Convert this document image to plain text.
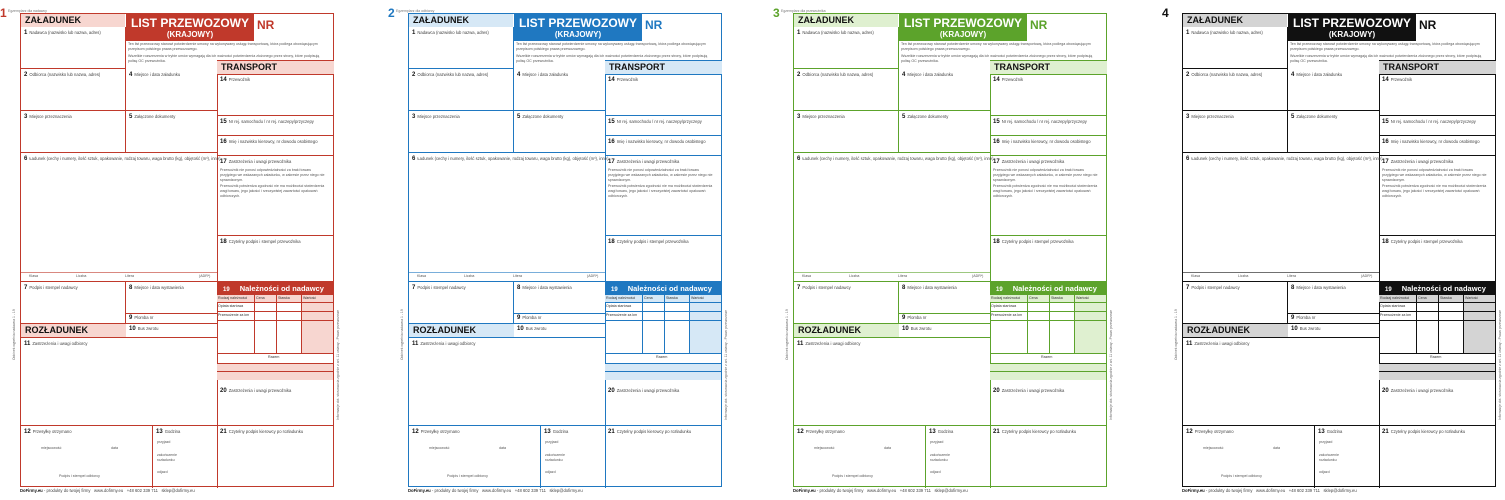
1 Egzemplarz dla nadawcy
ZAŁADUNEK	LIST PRZEWOZOWY
(KRAJOWY)
NR
Ten list przewozowy stanowi potwierdzenie umowy na wykonywany usługę transportową, która podlega obowiązującym przepisom polskiego prawa przewozowego.
Wszelkie rozszerzenia w trybie umów wymagają dla ich ważności potwierdzenia złożonego przez strony, które podpisują polisę OC przewoźnika.
1 Nadawca (nazwisko lub nazwa, adres)
2 Odbiorca (nazwisko lub nazwa, adres)	4 Miejsce i data załadunku
3 Miejsce przeznaczenia	5 Załączone dokumenty
6 Ładunek (cechy i numery, ilość sztuk, opakowanie, rodzaj towaru, waga brutto (kg), objętość (m³), inne)
Klasa	Liczba	Litera	(ADR*)
7 Podpis i stempel nadawcy	8 Miejsce i data wystawienia
9 Plomba nr
ROZŁADUNEK	10 Bus zwrotu
11 Zastrzeżenia i uwagi odbiorcy
12 Przesyłkę otrzymano
miejscowość	data
Podpis i stempel odbiorcy
13 Godzina
przyjazd
zakończenie rozładunku
odjazd
TRANSPORT
14 Przewoźnik
15 Nr rej. samochodu / nr rej. naczepy/przyczepy
16 Imię i nazwisko kierowcy, nr dowodu osobistego
17 Zastrzeżenia i uwagi przewoźnika
Przewoźnik nie ponosi odpowiedzialności za braki towaru przyjętego we wskazanych załadunku, w zakresie przez niego nie sprawdzonym.
Przewoźnik potwierdza zgodność nie ma możliwości stwierdzenia wagi towaru, jego jakości i rzeczywistej zawartości opakowań odbiorczych.
18 Czytelny podpis i stempel przewoźnika
19 Należności od nadawcy
Rodzaj należności	Cena	Stawka	Wartość
Opłata startowa
Przewożenie za km
Razem
20 Zastrzeżenia i uwagi przewoźnika
21 Czytelny podpis kierowcy po rozładunku
Odcinek wypełnia nadawca 1 - 19	Informacje dot. stosowania zgodnie z art. 11 ustawy - Prawo przewozowe
DoFirmy.eu - produkty do twojej firmy www.dofirmy.eu +48 602 339 711 sklep@dofirmy.eu
2 Egzemplarz dla odbiorcy
ZAŁADUNEK	LIST PRZEWOZOWY
(KRAJOWY)
NR
Ten list przewozowy stanowi potwierdzenie umowy na wykonywany usługę transportową, która podlega obowiązującym przepisom polskiego prawa przewozowego.
Wszelkie rozszerzenia w trybie umów wymagają dla ich ważności potwierdzenia złożonego przez strony, które podpisują polisę OC przewoźnika.
1 Nadawca (nazwisko lub nazwa, adres)
2 Odbiorca (nazwisko lub nazwa, adres)	4 Miejsce i data załadunku
3 Miejsce przeznaczenia	5 Załączone dokumenty
6 Ładunek (cechy i numery, ilość sztuk, opakowanie, rodzaj towaru, waga brutto (kg), objętość (m³), inne)
Klasa	Liczba	Litera	(ADR*)
7 Podpis i stempel nadawcy	8 Miejsce i data wystawienia
9 Plomba nr
ROZŁADUNEK	10 Bus zwrotu
11 Zastrzeżenia i uwagi odbiorcy
12 Przesyłkę otrzymano
miejscowość	data
Podpis i stempel odbiorcy
13 Godzina
przyjazd
zakończenie rozładunku
odjazd
TRANSPORT
14 Przewoźnik
15 Nr rej. samochodu / nr rej. naczepy/przyczepy
16 Imię i nazwisko kierowcy, nr dowodu osobistego
17 Zastrzeżenia i uwagi przewoźnika
Przewoźnik nie ponosi odpowiedzialności za braki towaru przyjętego we wskazanych załadunku, w zakresie przez niego nie sprawdzonym.
Przewoźnik potwierdza zgodność nie ma możliwości stwierdzenia wagi towaru, jego jakości i rzeczywistej zawartości opakowań odbiorczych.
18 Czytelny podpis i stempel przewoźnika
19 Należności od nadawcy
Rodzaj należności	Cena	Stawka	Wartość
Opłata startowa
Przewożenie za km
Razem
20 Zastrzeżenia i uwagi przewoźnika
21 Czytelny podpis kierowcy po rozładunku
Odcinek wypełnia nadawca 1 - 19	Informacje dot. stosowania zgodnie z art. 11 ustawy - Prawo przewozowe
DoFirmy.eu - produkty do twojej firmy www.dofirmy.eu +48 602 339 711 sklep@dofirmy.eu
3 Egzemplarz dla przewoźnika
ZAŁADUNEK	LIST PRZEWOZOWY
(KRAJOWY)
NR
Ten list przewozowy stanowi potwierdzenie umowy na wykonywany usługę transportową, która podlega obowiązującym przepisom polskiego prawa przewozowego.
Wszelkie rozszerzenia w trybie umów wymagają dla ich ważności potwierdzenia złożonego przez strony, które podpisują polisę OC przewoźnika.
1 Nadawca (nazwisko lub nazwa, adres)
2 Odbiorca (nazwisko lub nazwa, adres)	4 Miejsce i data załadunku
3 Miejsce przeznaczenia	5 Załączone dokumenty
6 Ładunek (cechy i numery, ilość sztuk, opakowanie, rodzaj towaru, waga brutto (kg), objętość (m³), inne)
Klasa	Liczba	Litera	(ADR*)
7 Podpis i stempel nadawcy	8 Miejsce i data wystawienia
9 Plomba nr
ROZŁADUNEK	10 Bus zwrotu
11 Zastrzeżenia i uwagi odbiorcy
12 Przesyłkę otrzymano
miejscowość	data
Podpis i stempel odbiorcy
13 Godzina
przyjazd
zakończenie rozładunku
odjazd
TRANSPORT
14 Przewoźnik
15 Nr rej. samochodu / nr rej. naczepy/przyczepy
16 Imię i nazwisko kierowcy, nr dowodu osobistego
17 Zastrzeżenia i uwagi przewoźnika
Przewoźnik nie ponosi odpowiedzialności za braki towaru przyjętego we wskazanych załadunku, w zakresie przez niego nie sprawdzonym.
Przewoźnik potwierdza zgodność nie ma możliwości stwierdzenia wagi towaru, jego jakości i rzeczywistej zawartości opakowań odbiorczych.
18 Czytelny podpis i stempel przewoźnika
19 Należności od nadawcy
Rodzaj należności	Cena	Stawka	Wartość
Opłata startowa
Przewożenie za km
Razem
20 Zastrzeżenia i uwagi przewoźnika
21 Czytelny podpis kierowcy po rozładunku
Odcinek wypełnia nadawca 1 - 19	Informacje dot. stosowania zgodnie z art. 11 ustawy - Prawo przewozowe
DoFirmy.eu - produkty do twojej firmy www.dofirmy.eu +48 602 339 711 sklep@dofirmy.eu
4	ZAŁADUNEK	LIST PRZEWOZOWY
(KRAJOWY)
NR
Ten list przewozowy stanowi potwierdzenie umowy na wykonywany usługę transportową, która podlega obowiązującym przepisom polskiego prawa przewozowego.
Wszelkie rozszerzenia w trybie umów wymagają dla ich ważności potwierdzenia złożonego przez strony, które podpisują polisę OC przewoźnika.
1 Nadawca (nazwisko lub nazwa, adres)
2 Odbiorca (nazwisko lub nazwa, adres)	4 Miejsce i data załadunku
3 Miejsce przeznaczenia	5 Załączone dokumenty
6 Ładunek (cechy i numery, ilość sztuk, opakowanie, rodzaj towaru, waga brutto (kg), objętość (m³), inne)
Klasa	Liczba	Litera	(ADR*)
7 Podpis i stempel nadawcy	8 Miejsce i data wystawienia
9 Plomba nr
ROZŁADUNEK	10 Bus zwrotu
11 Zastrzeżenia i uwagi odbiorcy
12 Przesyłkę otrzymano
miejscowość	data
Podpis i stempel odbiorcy
13 Godzina
przyjazd
zakończenie rozładunku
odjazd
TRANSPORT
14 Przewoźnik
15 Nr rej. samochodu / nr rej. naczepy/przyczepy
16 Imię i nazwisko kierowcy, nr dowodu osobistego
17 Zastrzeżenia i uwagi przewoźnika
Przewoźnik nie ponosi odpowiedzialności za braki towaru przyjętego we wskazanych załadunku, w zakresie przez niego nie sprawdzonym.
Przewoźnik potwierdza zgodność nie ma możliwości stwierdzenia wagi towaru, jego jakości i rzeczywistej zawartości opakowań odbiorczych.
18 Czytelny podpis i stempel przewoźnika
19 Należności od nadawcy
Rodzaj należności	Cena	Stawka	Wartość
Opłata startowa
Przewożenie za km
Razem
20 Zastrzeżenia i uwagi przewoźnika
21 Czytelny podpis kierowcy po rozładunku
Odcinek wypełnia nadawca 1 - 19	Informacje dot. stosowania zgodnie z art. 11 ustawy - Prawo przewozowe
DoFirmy.eu - produkty do twojej firmy www.dofirmy.eu +48 602 339 711 sklep@dofirmy.eu
